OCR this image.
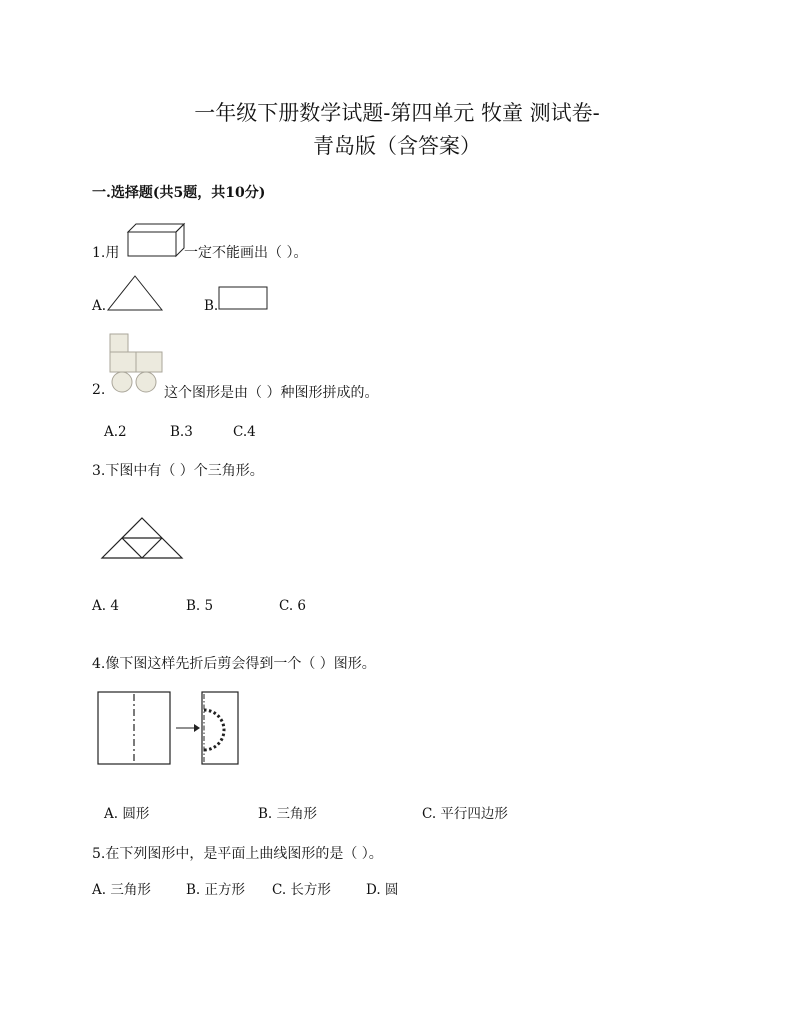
一年级下册数学试题-第四单元 牧童 测试卷-
青岛版（含答案）
一.选择题(共5题，共10分)
1.用	一定不能画出（ ）。
A.	B.
2.	这个图形是由（ ）种图形拼成的。
A.2	B.3	C.4
3.下图中有（ ）个三角形。
A. 4	B. 5	C. 6
4.像下图这样先折后剪会得到一个（ ）图形。
A. 圆形	B. 三角形	C. 平行四边形
5.在下列图形中，是平面上曲线图形的是（ ）。
A. 三角形	B. 正方形 C. 长方形	D. 圆
